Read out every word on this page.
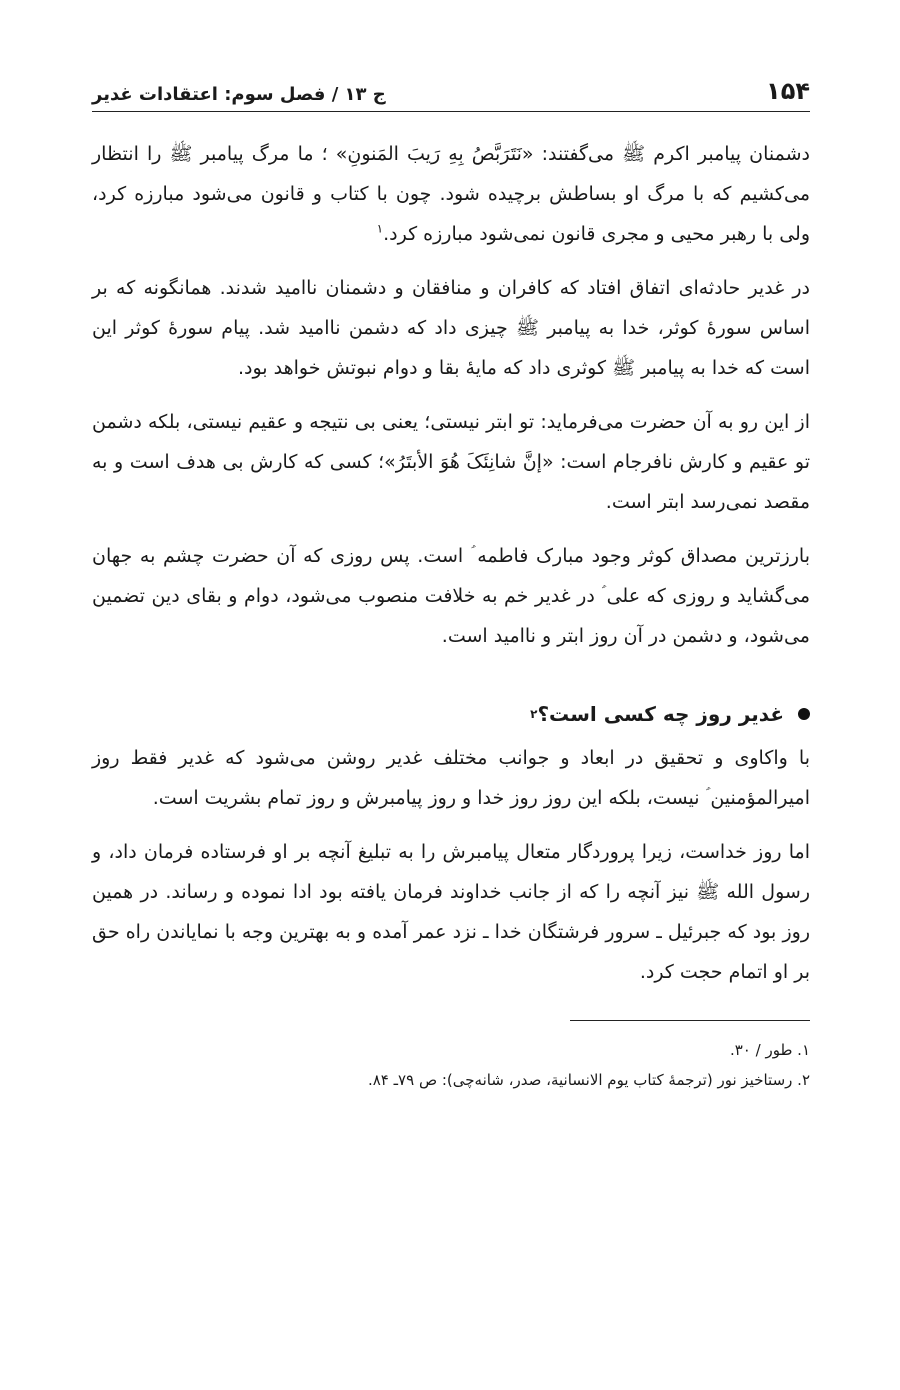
۱۵۴
ج ۱۳ / فصل سوم: اعتقادات غدیر

دشمنان پیامبر اکرم ﷺ می‌گفتند: «نَتَرَبَّصُ بِهِ رَیبَ المَنونِ» ؛ ما مرگ پیامبر ﷺ را انتظار می‌کشیم که با مرگ او بساطش برچیده شود. چون با کتاب و قانون می‌شود مبارزه کرد، ولی با رهبر محیی و مجری قانون نمی‌شود مبارزه کرد.$^۱$

در غدیر حادثه‌ای اتفاق افتاد که کافران و منافقان و دشمنان ناامید شدند. همانگونه که بر اساس سورهٔ کوثر، خدا به پیامبر ﷺ چیزی داد که دشمن ناامید شد. پیام سورهٔ کوثر این است که خدا به پیامبر ﷺ کوثری داد که مایهٔ بقا و دوام نبوتش خواهد بود.

از این رو به آن حضرت می‌فرماید: تو ابتر نیستی؛ یعنی بی نتیجه و عقیم نیستی، بلکه دشمن تو عقیم و کارش نافرجام است: «إنَّ شانِئَکَ هُوَ الأبتَرُ»؛ کسی که کارش بی هدف است و به مقصد نمی‌رسد ابتر است.

بارزترین مصداق کوثر وجود مبارک فاطمه ؑ است. پس روزی که آن حضرت چشم به جهان می‌گشاید و روزی که علی ؑ در غدیر خم به خلافت منصوب می‌شود، دوام و بقای دین تضمین می‌شود، و دشمن در آن روز ابتر و ناامید است.

غدیر روز چه کسی است؟
۲

با واکاوی و تحقیق در ابعاد و جوانب مختلف غدیر روشن می‌شود که غدیر فقط روز امیرالمؤمنین ؑ نیست، بلکه این روز روز خدا و روز پیامبرش و روز تمام بشریت است.

اما روز خداست، زیرا پروردگار متعال پیامبرش را به تبلیغ آنچه بر او فرستاده فرمان داد، و رسول الله ﷺ نیز آنچه را که از جانب خداوند فرمان یافته بود ادا نموده و رساند. در همین روز بود که جبرئیل ـ سرور فرشتگان خدا ـ نزد عمر آمده و به بهترین وجه با نمایاندن راه حق بر او اتمام حجت کرد.

۱. طور / ۳۰.
۲. رستاخیز نور (ترجمهٔ کتاب یوم الانسانیة، صدر، شانه‌چی): ص ۷۹ـ ۸۴.
